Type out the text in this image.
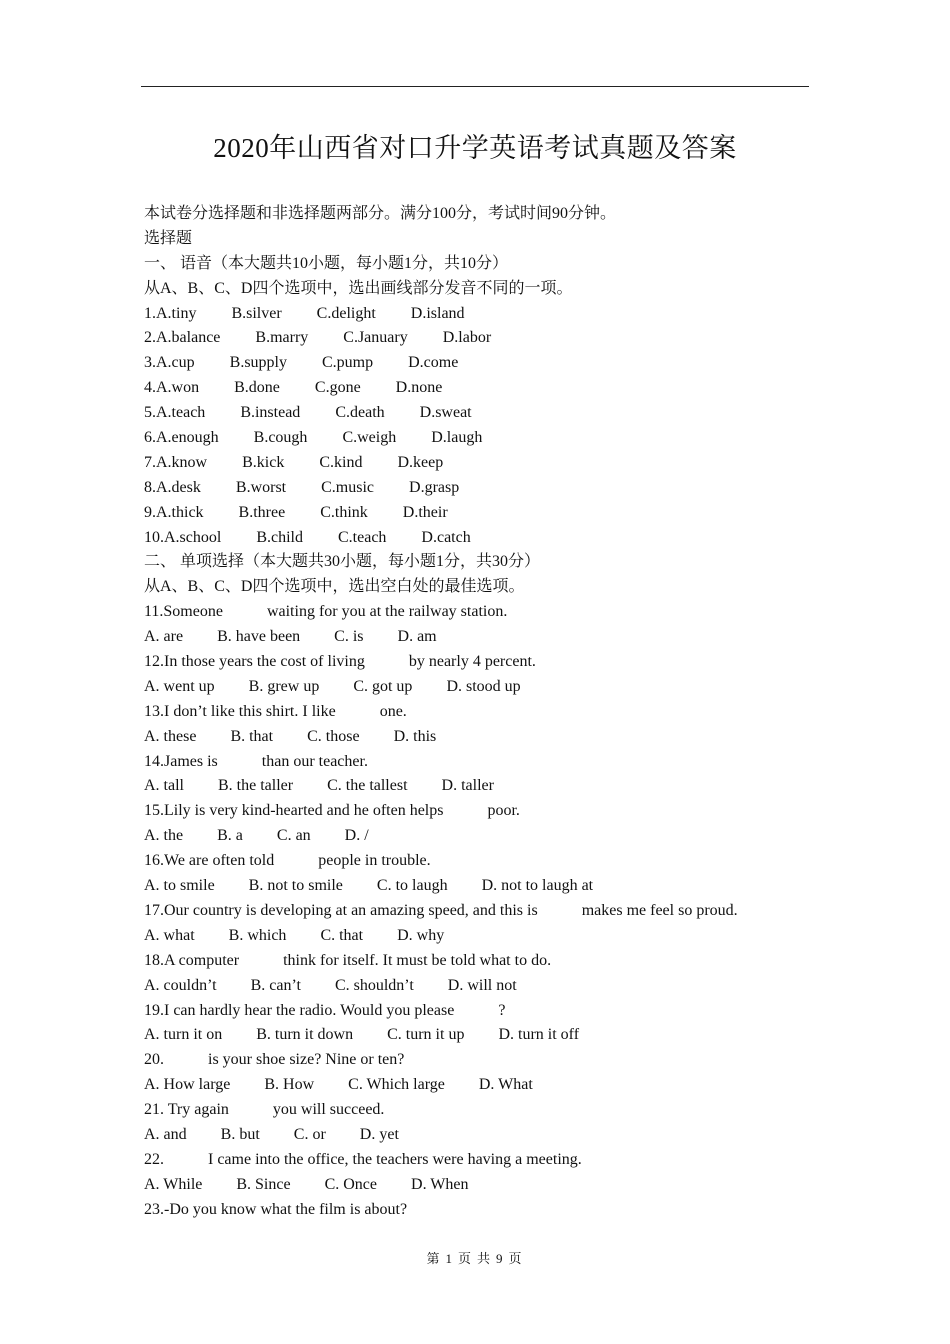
2020年山西省对口升学英语考试真题及答案
本试卷分选择题和非选择题两部分。满分100分，考试时间90分钟。
选择题
一、 语音（本大题共10小题，每小题1分，共10分）
从A、B、C、D四个选项中，选出画线部分发音不同的一项。
1.A.tiny B.silver C.delight D.island
2.A.balance B.marry C.January D.labor
3.A.cup B.supply C.pump D.come
4.A.won B.done C.gone D.none
5.A.teach B.instead C.death D.sweat
6.A.enough B.cough C.weigh D.laugh
7.A.know B.kick C.kind D.keep
8.A.desk B.worst C.music D.grasp
9.A.thick B.three C.think D.their
10.A.school B.child C.teach D.catch
二、 单项选择（本大题共30小题，每小题1分，共30分）
从A、B、C、D四个选项中，选出空白处的最佳选项。
11.Someone	waiting for you at the railway station.
A. are B. have been C. is D. am
12.In those years the cost of living	by nearly 4 percent.
A. went up B. grew up C. got up D. stood up
13.I don’t like this shirt. I like	one.
A. these B. that C. those D. this
14.James is	than our teacher.
A. tall B. the taller C. the tallest D. taller
15.Lily is very kind-hearted and he often helps	poor.
A. the B. a C. an D. /
16.We are often told	people in trouble.
A. to smile B. not to smile C. to laugh D. not to laugh at
17.Our country is developing at an amazing speed, and this is	makes me feel so proud.
A. what B. which C. that D. why
18.A computer	think for itself. It must be told what to do.
A. couldn’t B. can’t C. shouldn’t D. will not
19.I can hardly hear the radio. Would you please	?
A. turn it on B. turn it down C. turn it up D. turn it off
20.	is your shoe size? Nine or ten?
A. How large B. How C. Which large D. What
21. Try again	you will succeed.
A. and B. but C. or D. yet
22.	I came into the office, the teachers were having a meeting.
A. While B. Since C. Once D. When
23.-Do you know what the film is about?
第 1 页 共 9 页
